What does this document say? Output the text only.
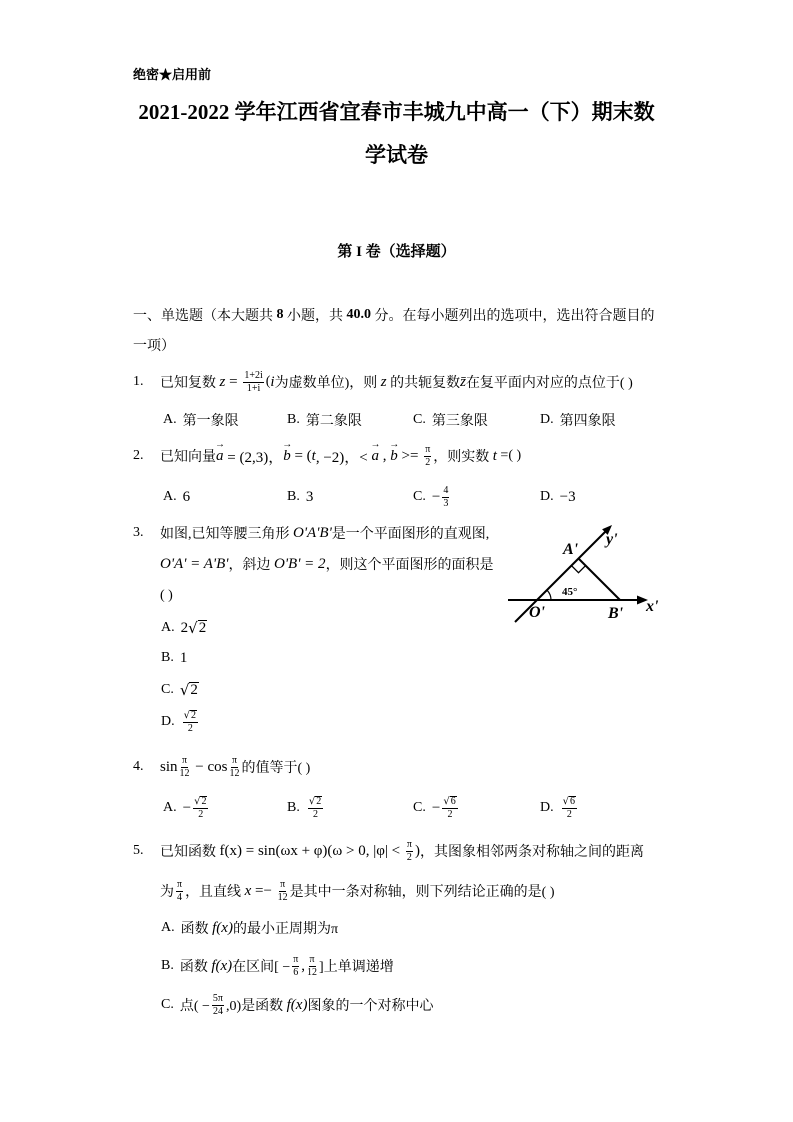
绝密★启用前
2021-2022 学年江西省宜春市丰城九中高一（下）期末数
学试卷
第 I 卷（选择题）
一、单选题（本大题共 8 小题，共 40.0 分。在每小题列出的选项中，选出符合题目的
一项）
1.	已知复数 $z = \frac{1+2i}{1+i}$ ( i 为虚数单位)，则 z 的共轭复数 z̄ 在复平面内对应的点位于( )
A. 第一象限	B. 第二象限	C. 第三象限	D. 第四象限
2.	已知向量 → a = (2,3)， → b = ( t , −2)，< → a , → $b >= \frac{\pi}{2}$ ，则实数 t =( )
A. 6	B. 3	C. − $\frac{4}{3}$	D. −3
3.	如图,已知等腰三角形 O'A'B' 是一个平面图形的直观图,
O'A' = A'B' ，斜边 O'B' = 2 ，则这个平面图形的面积是
( )
A. 2 √ 2
B. 1
C. √ 2
D. $\frac{√ 2}{2}$
A'
y'
45°
O'	B' x'
4.	$\sin \frac{\pi}{12} - \cos \frac{\pi}{12}$ 的值等于( )
A. − $\frac{√ 2}{2}$	B. $\frac{√ 2}{2}$	C. − $\frac{√ 6}{2}$	D. $\frac{√ 6}{2}$
5.	已知函数 f(x) = sin(ωx + φ)(ω > 0, $|\varphi| < \frac{\pi}{2}$ ) ，其图象相邻两条对称轴之间的距离
为 $\frac{\pi}{4}$ ，且直线 $x =- \frac{\pi}{12}$ 是其中一条对称轴，则下列结论正确的是( )
A. 函数 f(x) 的最小正周期为π
B. 函数 f(x) 在区间[ − $\frac{\pi}{6}$ , $\frac{\pi}{12}$ ]上单调递增
C. 点( − $\frac{5\pi}{24} ,0$)是函数 f(x) 图象的一个对称中心
